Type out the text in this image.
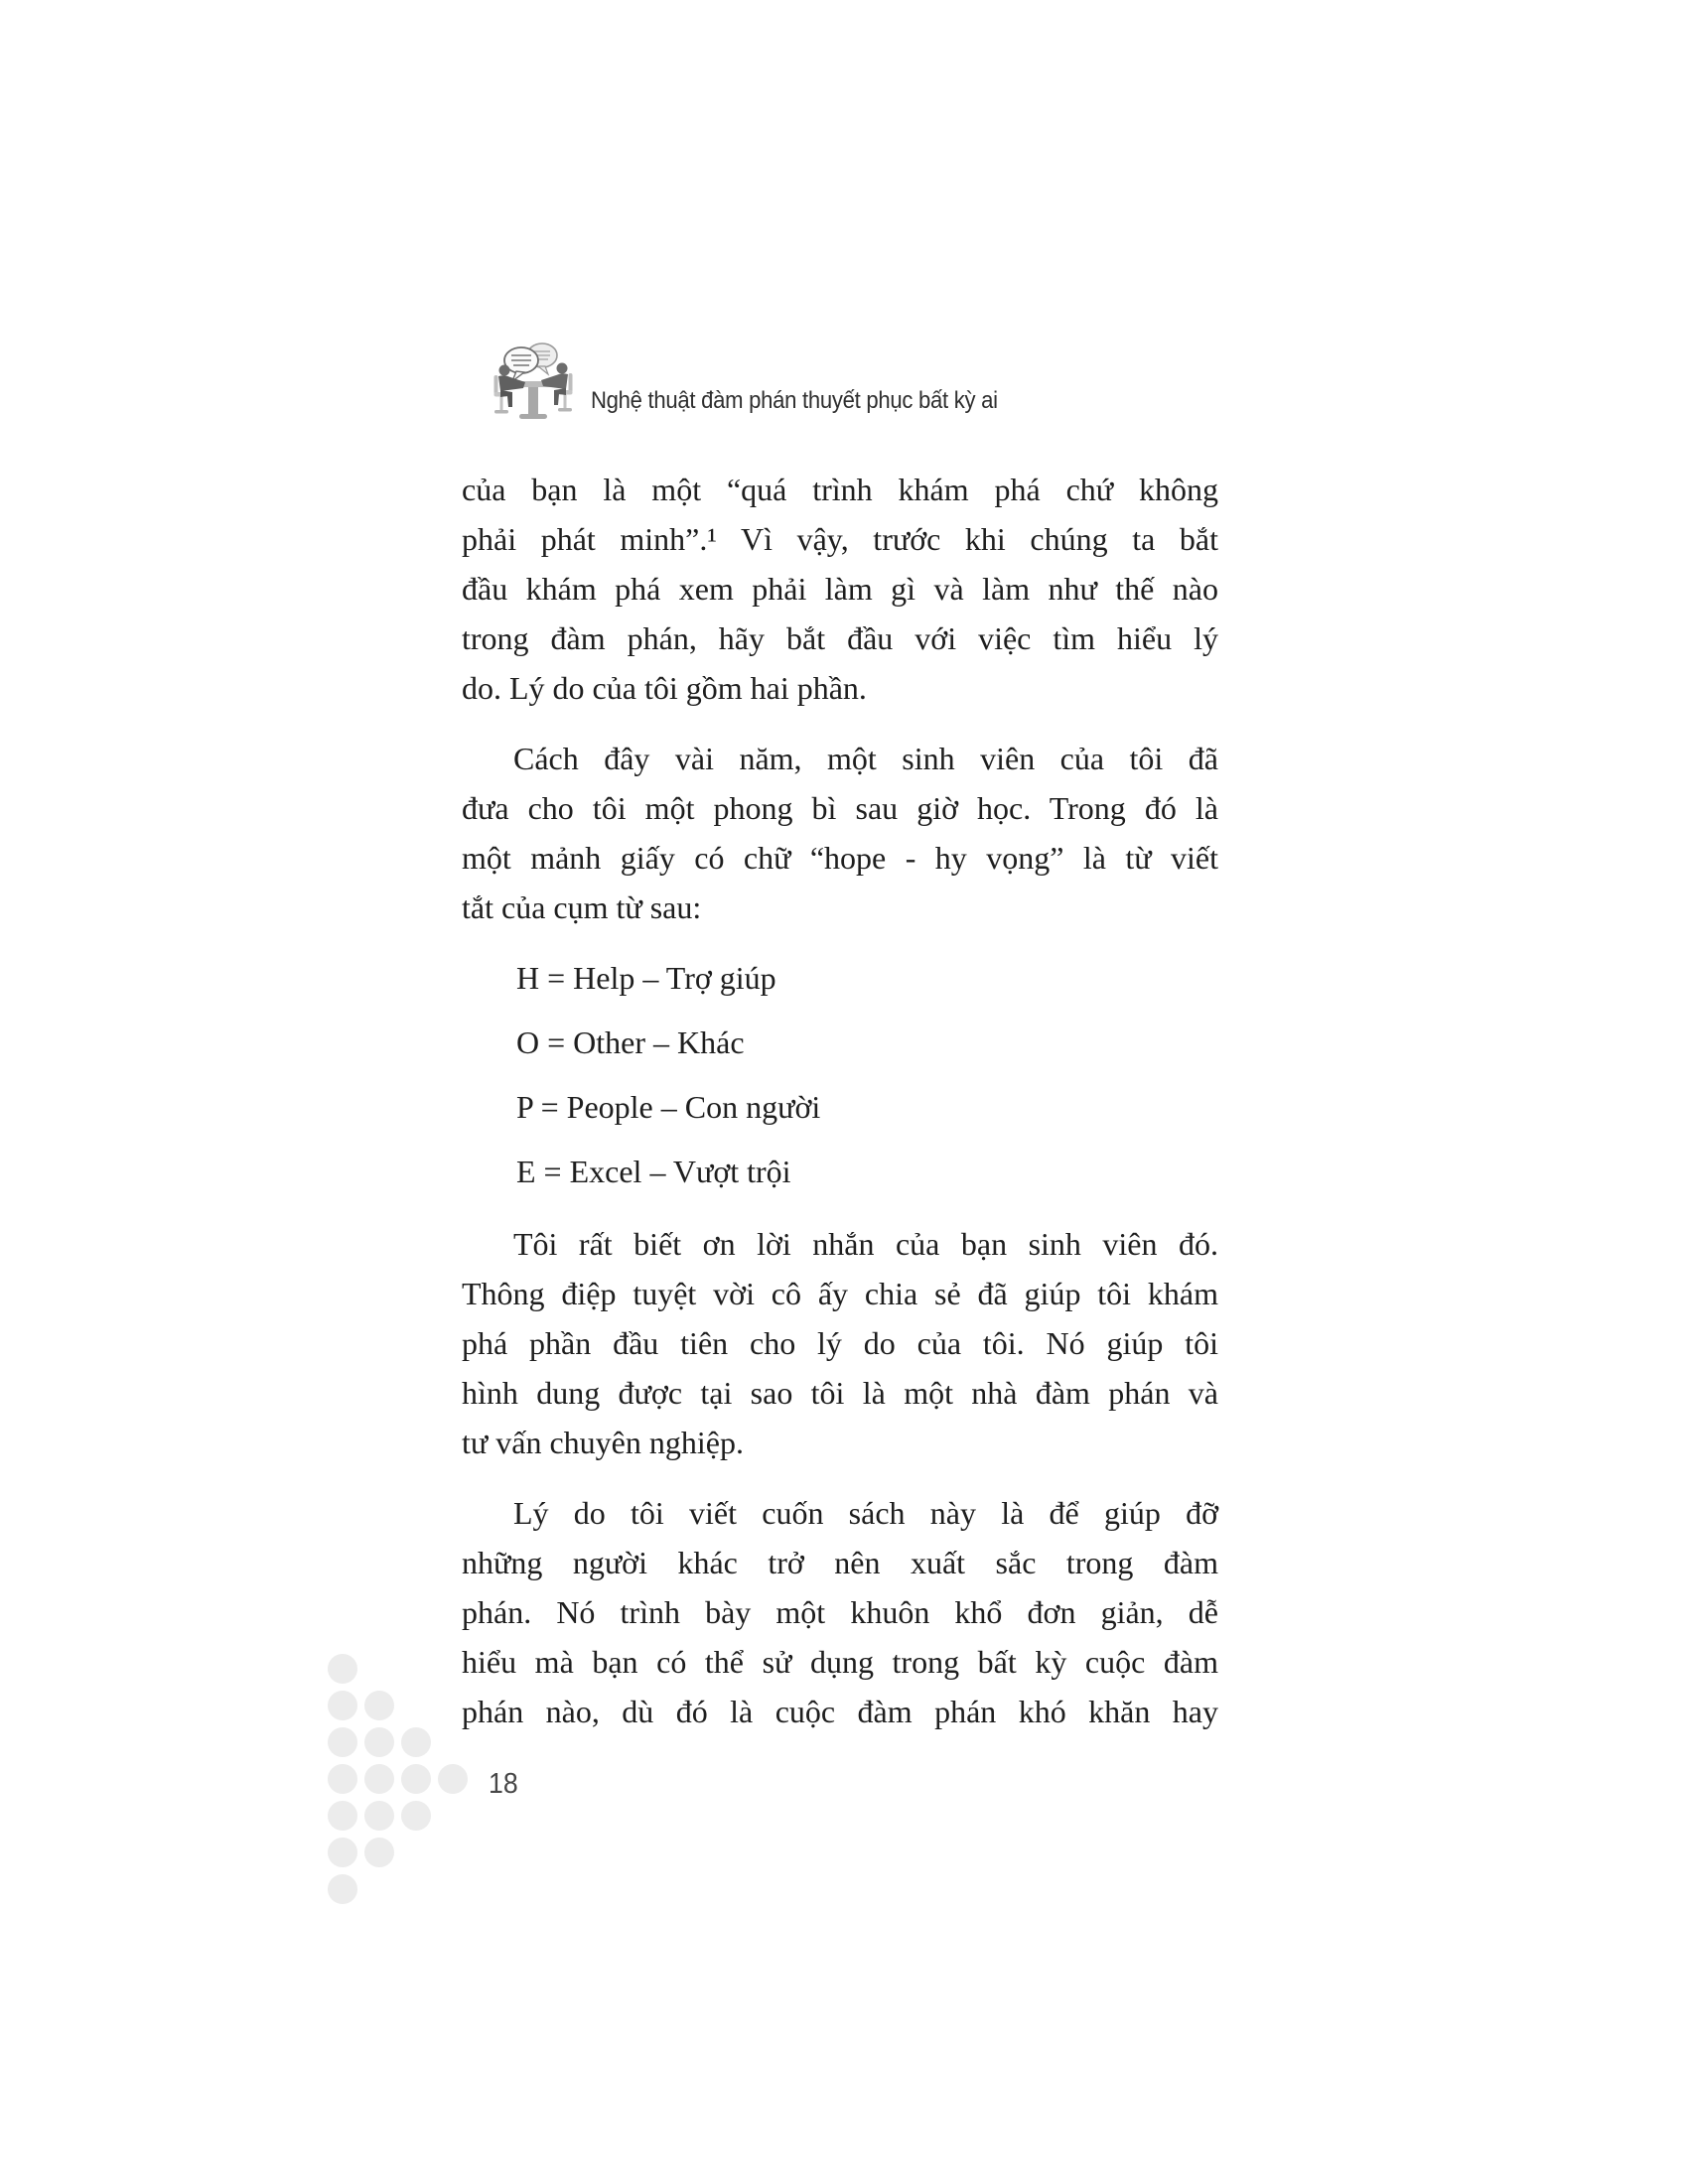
Nghệ thuật đàm phán thuyết phục bất kỳ ai
của bạn là một “quá trình khám phá chứ không
phải phát minh”.¹ Vì vậy, trước khi chúng ta bắt
đầu khám phá xem phải làm gì và làm như thế nào
trong đàm phán, hãy bắt đầu với việc tìm hiểu lý
do. Lý do của tôi gồm hai phần.
Cách đây vài năm, một sinh viên của tôi đã
đưa cho tôi một phong bì sau giờ học. Trong đó là
một mảnh giấy có chữ “hope - hy vọng” là từ viết
tắt của cụm từ sau:
H = Help – Trợ giúp
O = Other – Khác
P = People – Con người
E = Excel – Vượt trội
Tôi rất biết ơn lời nhắn của bạn sinh viên đó.
Thông điệp tuyệt vời cô ấy chia sẻ đã giúp tôi khám
phá phần đầu tiên cho lý do của tôi. Nó giúp tôi
hình dung được tại sao tôi là một nhà đàm phán và
tư vấn chuyên nghiệp.
Lý do tôi viết cuốn sách này là để giúp đỡ
những người khác trở nên xuất sắc trong đàm
phán. Nó trình bày một khuôn khổ đơn giản, dễ
hiểu mà bạn có thể sử dụng trong bất kỳ cuộc đàm
phán nào, dù đó là cuộc đàm phán khó khăn hay
18
